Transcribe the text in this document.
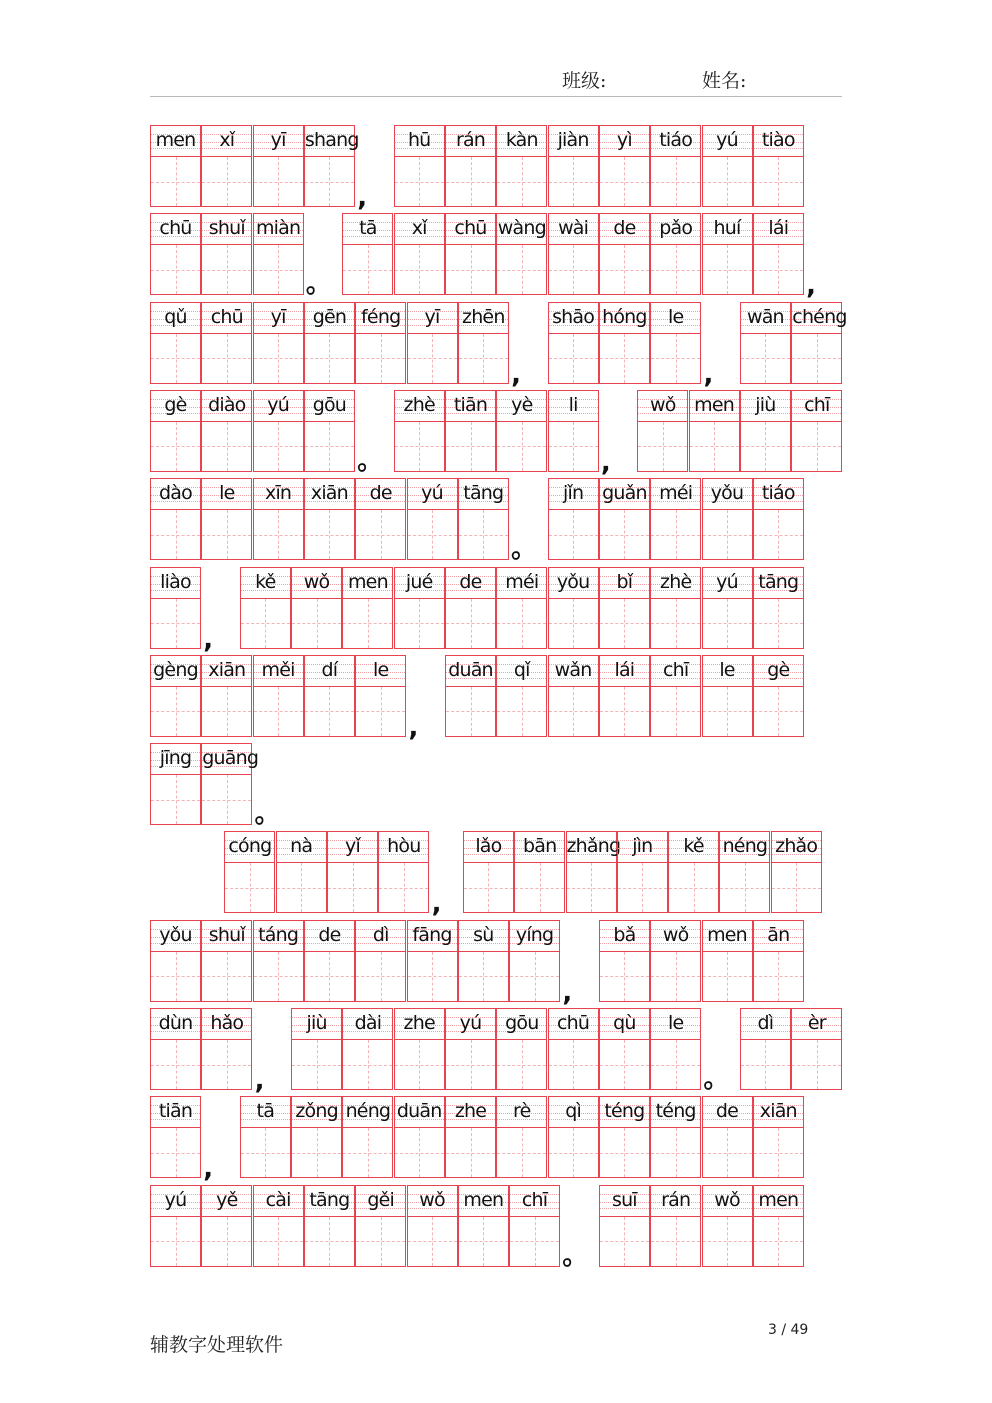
班级:	姓名:
men	xǐ	yī	shang
,
hū	rán	kàn	jiàn	yì	tiáo	yú	tiào
chū shuǐ miàn
。
tā	xǐ	chū wàng wài	de	pǎo	huí	lái
,
qǔ	chū	yī	gēn féng	yī	zhēn
,
shāo hóng	le
,
wān chéng
gè	diào	yú	gōu
。
zhè	tiān	yè	li
,
wǒ men	jiù	chī
dào	le	xīn	xiān	de	yú	tāng
。
jǐn guǎn méi yǒu tiáo
liào
,
kě	wǒ men jué	de	méi yǒu	bǐ	zhè	yú	tāng
gèng xiān měi	dí	le
,
duān	qǐ	wǎn	lái	chī	le	gè
jīng guāng
。
cóng nà	yǐ	hòu
,
lǎo	bān zhǎng jìn	kě néng zhǎo
yǒu shuǐ táng	de	dì	fāng	sù	yíng
,
bǎ	wǒ men	ān
dùn hǎo
,
jiù	dài	zhe	yú	gōu chū	qù	le
。
dì	èr
tiān
,
tā	zǒng néng duān zhe	rè	qì	téng téng	de	xiān
yú	yě	cài tāng gěi	wǒ men chī
。
suī	rán	wǒ men
辅教字处理软件
3 / 49
